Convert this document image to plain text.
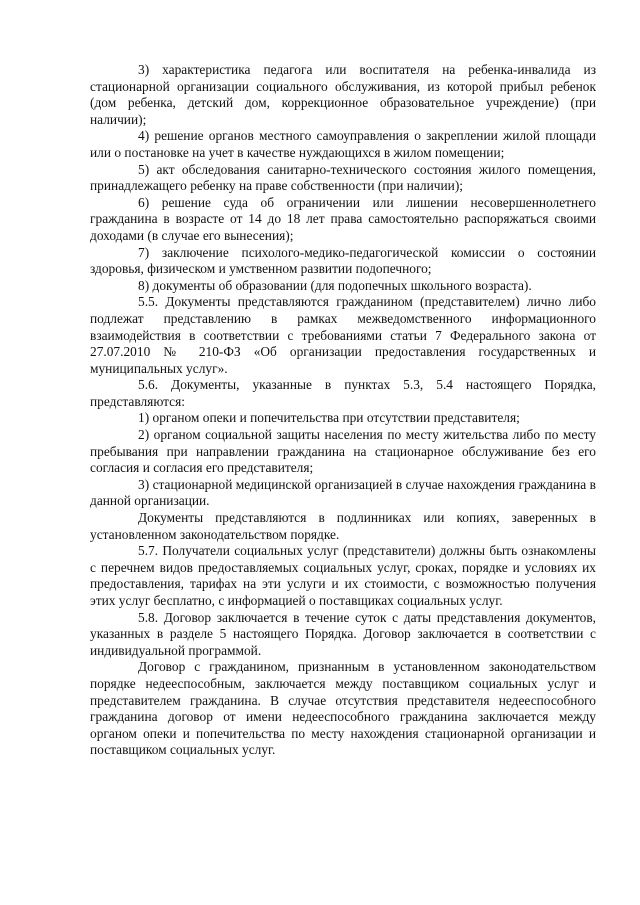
3) характеристика педагога или воспитателя на ребенка-инвалида из стационарной организации социального обслуживания, из которой прибыл ребенок (дом ребенка, детский дом, коррекционное образовательное учреждение) (при наличии);

4) решение органов местного самоуправления о закреплении жилой площади или о постановке на учет в качестве нуждающихся в жилом помещении;

5) акт обследования санитарно-технического состояния жилого помещения, принадлежащего ребенку на праве собственности (при наличии);

6) решение суда об ограничении или лишении несовершеннолетнего гражданина в возрасте от 14 до 18 лет права самостоятельно распоряжаться своими доходами (в случае его вынесения);

7) заключение психолого-медико-педагогической комиссии о состоянии здоровья, физическом и умственном развитии подопечного;

8) документы об образовании (для подопечных школьного возраста).

5.5. Документы представляются гражданином (представителем) лично либо подлежат представлению в рамках межведомственного информационного взаимодействия в соответствии с требованиями статьи 7 Федерального закона от 27.07.2010 № 210-ФЗ «Об организации предоставления государственных и муниципальных услуг».

5.6. Документы, указанные в пунктах 5.3, 5.4 настоящего Порядка, представляются:

1) органом опеки и попечительства при отсутствии представителя;

2) органом социальной защиты населения по месту жительства либо по месту пребывания при направлении гражданина на стационарное обслуживание без его согласия и согласия его представителя;

3) стационарной медицинской организацией в случае нахождения гражданина в данной организации.

Документы представляются в подлинниках или копиях, заверенных в установленном законодательством порядке.

5.7. Получатели социальных услуг (представители) должны быть ознакомлены с перечнем видов предоставляемых социальных услуг, сроках, порядке и условиях их предоставления, тарифах на эти услуги и их стоимости, с возможностью получения этих услуг бесплатно, с информацией о поставщиках социальных услуг.

5.8. Договор заключается в течение суток с даты представления документов, указанных в разделе 5 настоящего Порядка. Договор заключается в соответствии с индивидуальной программой.

Договор с гражданином, признанным в установленном законодательством порядке недееспособным, заключается между поставщиком социальных услуг и представителем гражданина. В случае отсутствия представителя недееспособного гражданина договор от имени недееспособного гражданина заключается между органом опеки и попечительства по месту нахождения стационарной организации и поставщиком социальных услуг.
